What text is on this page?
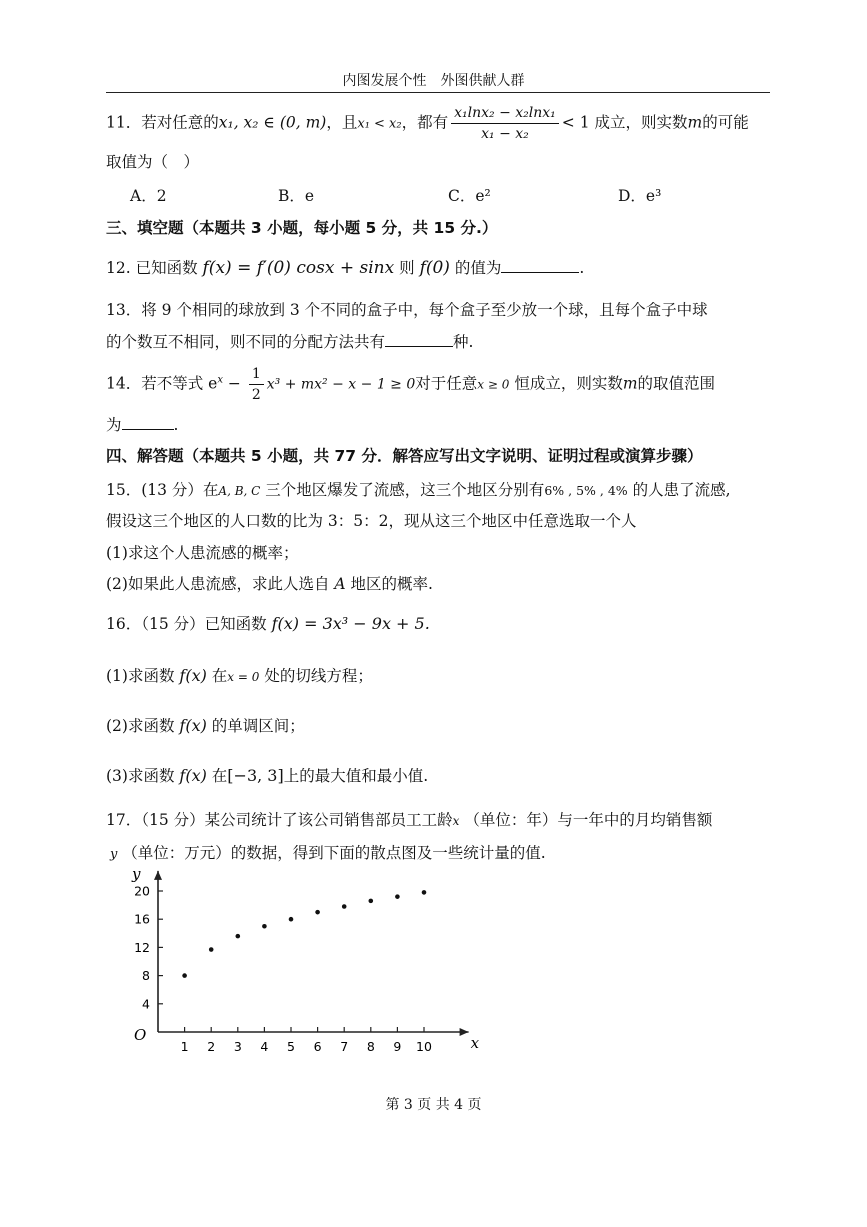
内图发展个性　外图供献人群
11．若对任意的x₁, x₂ ∈ (0, m)，且x₁ < x₂，都有 $\frac{\text{x₁lnx₂ − x₂lnx₁}}{\text{x₁ − x₂}} < 1$ 成立，则实数m的可能
取值为（　）
A．2	B．e	C．e²	D．e³
三、填空题（本题共 3 小题，每小题 5 分，共 15 分.）
12. 已知函数 f(x) = f′(0) cosx + sinx 则 f(0) 的值为	.
13．将 9 个相同的球放到 3 个不同的盒子中，每个盒子至少放一个球，且每个盒子中球
的个数互不相同，则不同的分配方法共有	种.
14．若不等式 $e^x - \frac{1}{2} x^3 + mx^2 - x - 1 \ge 0$对于任意x ≥ 0 恒成立，则实数m的取值范围
为	.
四、解答题（本题共 5 小题，共 77 分．解答应写出文字说明、证明过程或演算步骤）
15．(13 分）在A, B, C 三个地区爆发了流感，这三个地区分别有6% , 5% , 4% 的人患了流感,
假设这三个地区的人口数的比为 3：5：2，现从这三个地区中任意选取一个人
(1)求这个人患流感的概率；
(2)如果此人患流感，求此人选自 A 地区的概率.
16．（15 分）已知函数 f(x) = 3x³ − 9x + 5.
(1)求函数 f(x) 在x = 0 处的切线方程；
(2)求函数 f(x) 的单调区间；
(3)求函数 f(x) 在[−3, 3]上的最大值和最小值.
17．（15 分）某公司统计了该公司销售部员工工龄x （单位：年）与一年中的月均销售额
y （单位：万元）的数据，得到下面的散点图及一些统计量的值.
y
x
O
1 2 3 4 5 6 7 8 9 10
4
8
12
16
20
第 3 页 共 4 页
